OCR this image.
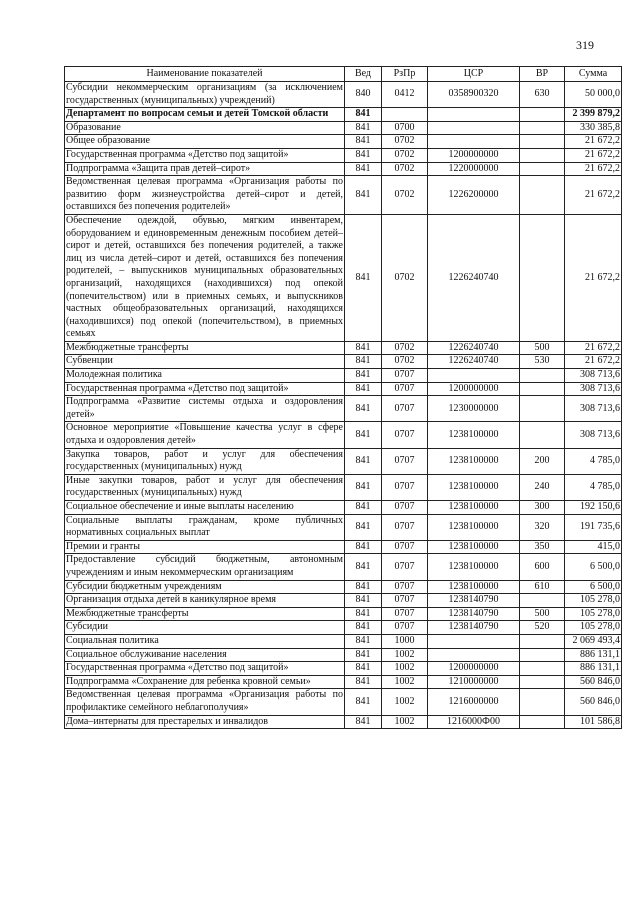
319
Наименование показателей	Вед	РзПр	ЦСР	ВР	Сумма
Субсидии некоммерческим организациям (за исключением государственных (муниципальных) учреждений)	840	0412	0358900320	630	50 000,0
Департамент по вопросам семьи и детей Томской области	841				2 399 879,2
Образование	841	0700			330 385,8
Общее образование	841	0702			21 672,2
Государственная программа «Детство под защитой»	841	0702	1200000000		21 672,2
Подпрограмма «Защита прав детей–сирот»	841	0702	1220000000		21 672,2
Ведомственная целевая программа «Организация работы по развитию форм жизнеустройства детей–сирот и детей, оставшихся без попечения родителей»	841	0702	1226200000		21 672,2
Обеспечение одеждой, обувью, мягким инвентарем, оборудованием и единовременным денежным пособием детей–сирот и детей, оставшихся без попечения родителей, а также лиц из числа детей–сирот и детей, оставшихся без попечения родителей, – выпускников муниципальных образовательных организаций, находящихся (находившихся) под опекой (попечительством) или в приемных семьях, и выпускников частных общеобразовательных организаций, находящихся (находившихся) под опекой (попечительством), в приемных семьях	841	0702	1226240740		21 672,2
Межбюджетные трансферты	841	0702	1226240740	500	21 672,2
Субвенции	841	0702	1226240740	530	21 672,2
Молодежная политика	841	0707			308 713,6
Государственная программа «Детство под защитой»	841	0707	1200000000		308 713,6
Подпрограмма «Развитие системы отдыха и оздоровления детей»	841	0707	1230000000		308 713,6
Основное мероприятие «Повышение качества услуг в сфере отдыха и оздоровления детей»	841	0707	1238100000		308 713,6
Закупка товаров, работ и услуг для обеспечения государственных (муниципальных) нужд	841	0707	1238100000	200	4 785,0
Иные закупки товаров, работ и услуг для обеспечения государственных (муниципальных) нужд	841	0707	1238100000	240	4 785,0
Социальное обеспечение и иные выплаты населению	841	0707	1238100000	300	192 150,6
Социальные выплаты гражданам, кроме публичных нормативных социальных выплат	841	0707	1238100000	320	191 735,6
Премии и гранты	841	0707	1238100000	350	415,0
Предоставление субсидий бюджетным, автономным учреждениям и иным некоммерческим организациям	841	0707	1238100000	600	6 500,0
Субсидии бюджетным учреждениям	841	0707	1238100000	610	6 500,0
Организация отдыха детей в каникулярное время	841	0707	1238140790		105 278,0
Межбюджетные трансферты	841	0707	1238140790	500	105 278,0
Субсидии	841	0707	1238140790	520	105 278,0
Социальная политика	841	1000			2 069 493,4
Социальное обслуживание населения	841	1002			886 131,1
Государственная программа «Детство под защитой»	841	1002	1200000000		886 131,1
Подпрограмма «Сохранение для ребенка кровной семьи»	841	1002	1210000000		560 846,0
Ведомственная целевая программа «Организация работы по профилактике семейного неблагополучия»	841	1002	1216000000		560 846,0
Дома–интернаты для престарелых и инвалидов	841	1002	1216000Ф00		101 586,8
